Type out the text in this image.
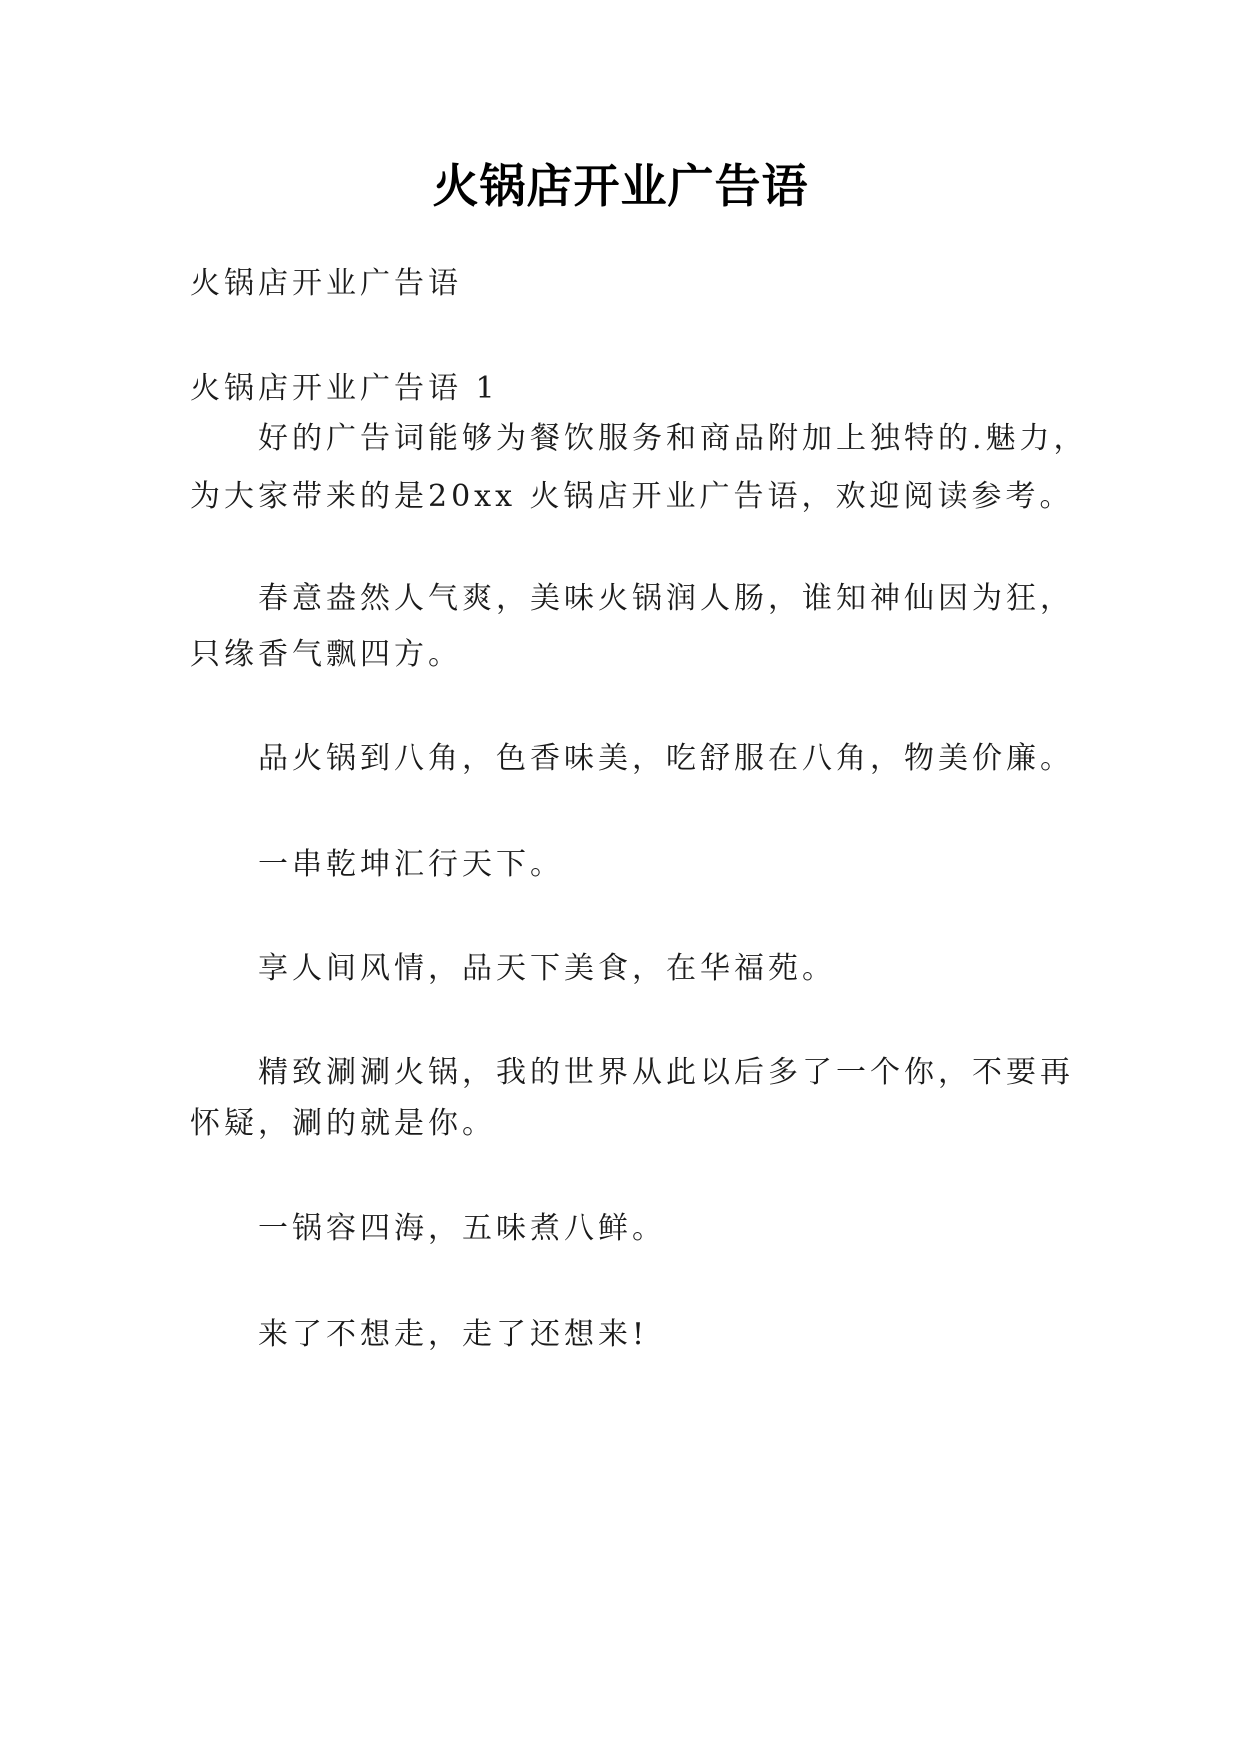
火锅店开业广告语
火锅店开业广告语
火锅店开业广告语 1
好的广告词能够为餐饮服务和商品附加上独特的.魅力，
为大家带来的是20xx 火锅店开业广告语，欢迎阅读参考。
春意盎然人气爽，美味火锅润人肠，谁知神仙因为狂，
只缘香气飘四方。
品火锅到八角，色香味美，吃舒服在八角，物美价廉。
一串乾坤汇行天下。
享人间风情，品天下美食，在华福苑。
精致涮涮火锅，我的世界从此以后多了一个你，不要再
怀疑，涮的就是你。
一锅容四海，五味煮八鲜。
来了不想走，走了还想来!
